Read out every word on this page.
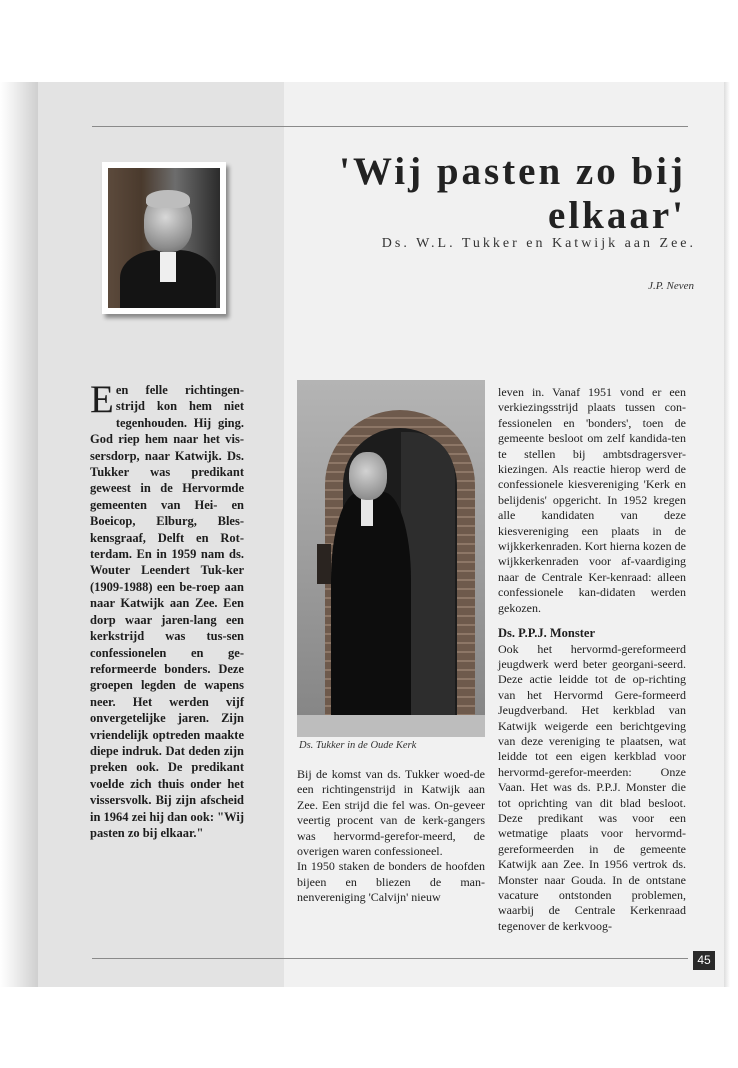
'Wij pasten zo bij
elkaar'
Ds. W.L. Tukker en Katwijk aan Zee.
J.P. Neven
E en felle richtingen-strijd kon hem niet tegenhouden. Hij ging. God riep hem naar het vis-sersdorp, naar Katwijk. Ds. Tukker was predikant geweest in de Hervormde gemeenten van Hei- en Boeicop, Elburg, Bles-kensgraaf, Delft en Rot-terdam. En in 1959 nam ds. Wouter Leendert Tuk-ker (1909-1988) een be-roep aan naar Katwijk aan Zee. Een dorp waar jaren-lang een kerkstrijd was tus-sen confessionelen en ge-reformeerde bonders. Deze groepen legden de wapens neer. Het werden vijf onvergetelijke jaren. Zijn vriendelijk optreden maakte diepe indruk. Dat deden zijn preken ook. De predikant voelde zich thuis onder het vissersvolk. Bij zijn afscheid in 1964 zei hij dan ook: "Wij pasten zo bij elkaar."
Ds. Tukker in de Oude Kerk

Bij de komst van ds. Tukker woed-de een richtingenstrijd in Katwijk aan Zee. Een strijd die fel was. On-geveer veertig procent van de kerk-gangers was hervormd-gerefor-meerd, de overigen waren confessioneel.

In 1950 staken de bonders de hoofden bijeen en bliezen de man-nenvereniging 'Calvijn' nieuw

leven in. Vanaf 1951 vond er een verkiezingsstrijd plaats tussen con-fessionelen en 'bonders', toen de gemeente besloot om zelf kandida-ten te stellen bij ambtsdragersver-kiezingen. Als reactie hierop werd de confessionele kiesvereniging 'Kerk en belijdenis' opgericht. In 1952 kregen alle kandidaten van deze kiesvereniging een plaats in de wijkkerkenraden. Kort hierna kozen de wijkkerkenraden voor af-vaardiging naar de Centrale Ker-kenraad: alleen confessionele kan-didaten werden gekozen.

Ds. P.P.J. Monster

Ook het hervormd-gereformeerd jeugdwerk werd beter georgani-seerd. Deze actie leidde tot de op-richting van het Hervormd Gere-formeerd Jeugdverband. Het kerkblad van Katwijk weigerde een berichtgeving van deze vereniging te plaatsen, wat leidde tot een eigen kerkblad voor hervormd-gerefor-meerden: Onze Vaan. Het was ds. P.P.J. Monster die tot oprichting van dit blad besloot. Deze predikant was voor een wetmatige plaats voor hervormd-gereformeerden in de gemeente Katwijk aan Zee. In 1956 vertrok ds. Monster naar Gouda. In de ontstane vacature ontstonden problemen, waarbij de Centrale Kerkenraad tegenover de kerkvoog-

45
